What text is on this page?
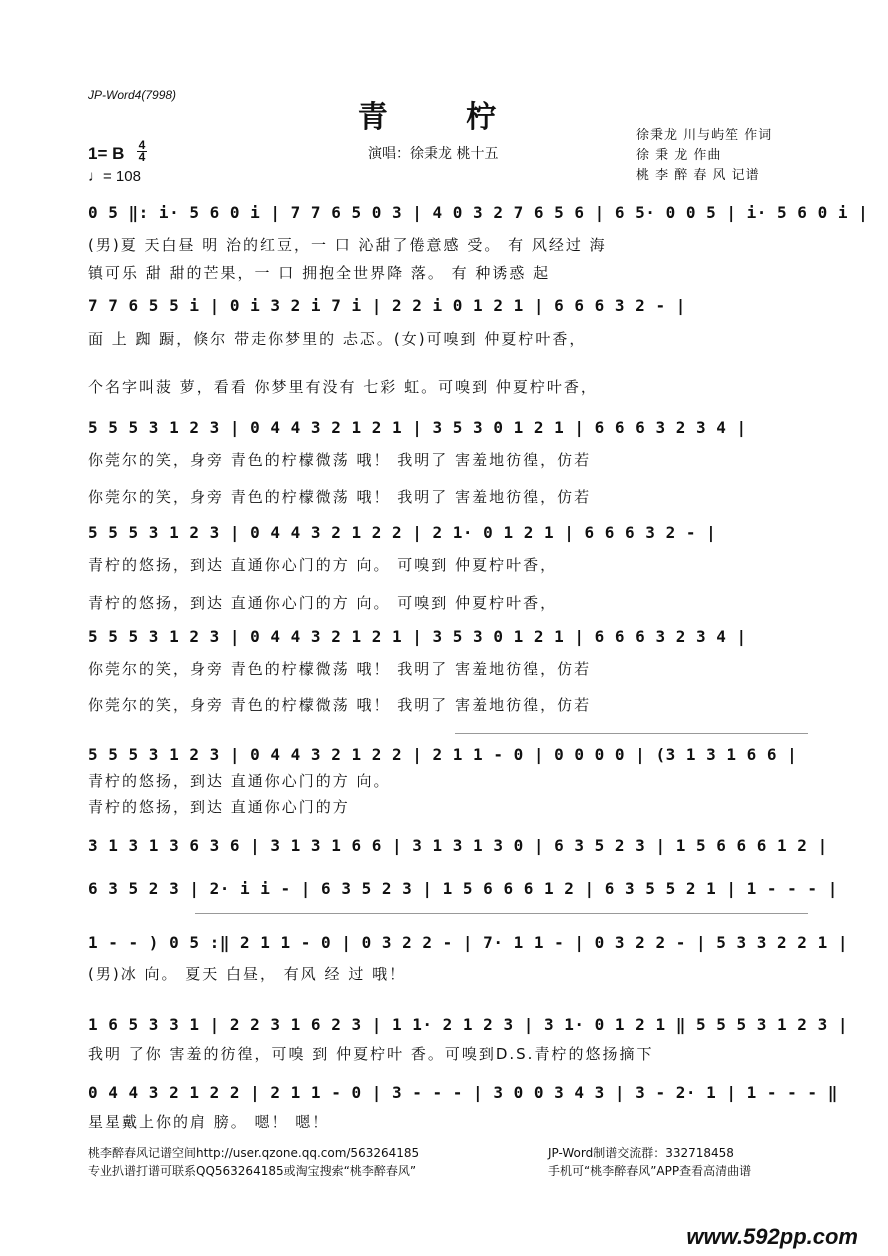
JP-Word4(7998)
青 柠
1= B 4
4
♩= 108
演唱：徐秉龙 桃十五
徐秉龙 川与屿笙 作词
徐 秉 龙 作曲
桃 李 醉 春 风 记谱
0 5 ‖: i· 5 6 0 i | 7 7 6 5 0 3 | 4 0 3 2 7 6 5 6 | 6 5· 0 0 5 | i· 5 6 0 i |
(男)夏 天白昼 明 治的红豆，一 口 沁甜了倦意感 受。 有 风经过 海
镇可乐 甜 甜的芒果，一 口 拥抱全世界降 落。 有 种诱惑 起
7 7 6 5 5 i | 0 i 3 2 i 7 i | 2 2 i 0 1 2 1 | 6 6 6 3 2 - |
面 上 踟 蹰，倏尔 带走你梦里的 忐忑。(女)可嗅到 仲夏柠叶香，
个名字叫菠 萝，看看 你梦里有没有 七彩 虹。可嗅到 仲夏柠叶香，
5 5 5 3 1 2 3 | 0 4 4 3 2 1 2 1 | 3 5 3 0 1 2 1 | 6 6 6 3 2 3 4 |
你莞尔的笑，身旁 青色的柠檬微荡 哦！ 我明了 害羞地彷徨，仿若
你莞尔的笑，身旁 青色的柠檬微荡 哦！ 我明了 害羞地彷徨，仿若
5 5 5 3 1 2 3 | 0 4 4 3 2 1 2 2 | 2 1· 0 1 2 1 | 6 6 6 3 2 - |
青柠的悠扬，到达 直通你心门的方 向。 可嗅到 仲夏柠叶香，
青柠的悠扬，到达 直通你心门的方 向。 可嗅到 仲夏柠叶香，
5 5 5 3 1 2 3 | 0 4 4 3 2 1 2 1 | 3 5 3 0 1 2 1 | 6 6 6 3 2 3 4 |
你莞尔的笑，身旁 青色的柠檬微荡 哦！ 我明了 害羞地彷徨，仿若
你莞尔的笑，身旁 青色的柠檬微荡 哦！ 我明了 害羞地彷徨，仿若
5 5 5 3 1 2 3 | 0 4 4 3 2 1 2 2 | 2 1 1 - 0 | 0 0 0 0 | (3 1 3 1 6 6 |
青柠的悠扬，到达 直通你心门的方 向。
青柠的悠扬，到达 直通你心门的方
3 1 3 1 3 6 3 6 | 3 1 3 1 6 6 | 3 1 3 1 3 0 | 6 3 5 2 3 | 1 5 6 6 6 1 2 |
6 3 5 2 3 | 2· i i - | 6 3 5 2 3 | 1 5 6 6 6 1 2 | 6 3 5 5 2 1 | 1 - - - |
1 - - ) 0 5 :‖ 2 1 1 - 0 | 0 3 2 2 - | 7· 1 1 - | 0 3 2 2 - | 5 3 3 2 2 1 |
(男)冰 向。 夏天 白昼， 有风 经 过 哦！
1 6 5 3 3 1 | 2 2 3 1 6 2 3 | 1 1· 2 1 2 3 | 3 1· 0 1 2 1 ‖ 5 5 5 3 1 2 3 |
我明 了你 害羞的彷徨，可嗅 到 仲夏柠叶 香。可嗅到D.S.青柠的悠扬摘下
0 4 4 3 2 1 2 2 | 2 1 1 - 0 | 3 - - - | 3 0 0 3 4 3 | 3 - 2· 1 | 1 - - - ‖
星星戴上你的肩 膀。 嗯！ 嗯！
桃李醉春风记谱空间http://user.qzone.qq.com/563264185
专业扒谱打谱可联系QQ563264185或淘宝搜索“桃李醉春风”
JP-Word制谱交流群：332718458
手机可“桃李醉春风”APP查看高清曲谱
www.592pp.com
